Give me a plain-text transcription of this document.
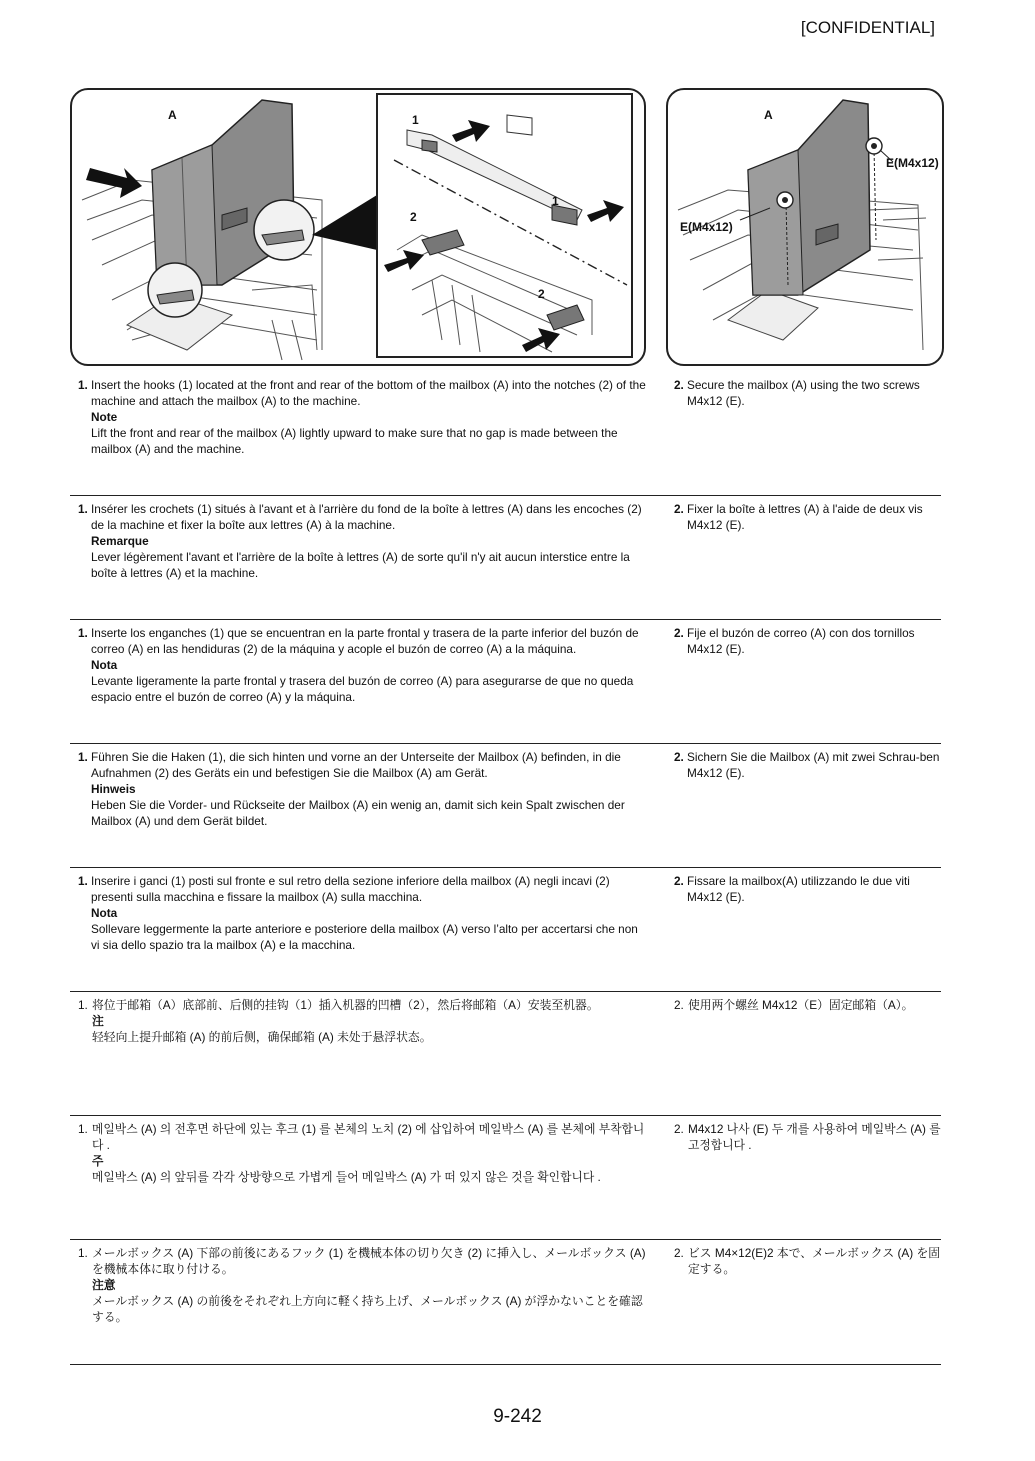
[CONFIDENTIAL]
A	1
1
2
2
A
E(M4x12)
E(M4x12)
1. Insert the hooks (1) located at the front and rear of the bottom of the mailbox (A) into the notches (2) of the machine and attach the mailbox (A) to the machine.
Note
Lift the front and rear of the mailbox (A) lightly upward to make sure that no gap is made between the mailbox (A) and the machine.
2. Secure the mailbox (A) using the two screws M4x12 (E).
1. Insérer les crochets (1) situés à l'avant et à l'arrière du fond de la boîte à lettres (A) dans les encoches (2) de la machine et fixer la boîte aux lettres (A) à la machine.
Remarque
Lever légèrement l'avant et l'arrière de la boîte à lettres (A) de sorte qu'il n'y ait aucun interstice entre la boîte à lettres (A) et la machine.
2. Fixer la boîte à lettres (A) à l'aide de deux vis M4x12 (E).
1. Inserte los enganches (1) que se encuentran en la parte frontal y trasera de la parte inferior del buzón de correo (A) en las hendiduras (2) de la máquina y acople el buzón de correo (A) a la máquina.
Nota
Levante ligeramente la parte frontal y trasera del buzón de correo (A) para asegurarse de que no queda espacio entre el buzón de correo (A) y la máquina.
2. Fije el buzón de correo (A) con dos tornillos M4x12 (E).
1. Führen Sie die Haken (1), die sich hinten und vorne an der Unterseite der Mailbox (A) befinden, in die Aufnahmen (2) des Geräts ein und befestigen Sie die Mailbox (A) am Gerät.
Hinweis
Heben Sie die Vorder- und Rückseite der Mailbox (A) ein wenig an, damit sich kein Spalt zwischen der Mailbox (A) und dem Gerät bildet.
2. Sichern Sie die Mailbox (A) mit zwei Schrau-ben M4x12 (E).
1. Inserire i ganci (1) posti sul fronte e sul retro della sezione inferiore della mailbox (A) negli incavi (2) presenti sulla macchina e fissare la mailbox (A) sulla macchina.
Nota
Sollevare leggermente la parte anteriore e posteriore della mailbox (A) verso l’alto per accertarsi che non vi sia dello spazio tra la mailbox (A) e la macchina.
2. Fissare la mailbox(A) utilizzando le due viti M4x12 (E).
1. 将位于邮箱（A）底部前、后侧的挂钩（1）插入机器的凹槽（2），然后将邮箱（A）安装至机器。
注
轻轻向上提升邮箱 (A) 的前后侧，确保邮箱 (A) 未处于悬浮状态。
2. 使用两个螺丝 M4x12（E）固定邮箱（A）。
1. 메일박스 (A) 의 전후면 하단에 있는 후크 (1) 를 본체의 노치 (2) 에 삽입하여 메일박스 (A) 를 본체에 부착합니다 .
주
메일박스 (A) 의 앞뒤를 각각 상방향으로 가볍게 들어 메일박스 (A) 가 떠 있지 않은 것을 확인합니다 .
2. M4x12 나사 (E) 두 개를 사용하여 메일박스 (A) 를 고정합니다 .
1. メールボックス (A) 下部の前後にあるフック (1) を機械本体の切り欠き (2) に挿入し、メールボックス (A) を機械本体に取り付ける。
注意
メールボックス (A) の前後をそれぞれ上方向に軽く持ち上げ、メールボックス (A) が浮かないことを確認する。
2. ビス M4×12(E)2 本で、メールボックス (A) を固定する。
9-242
